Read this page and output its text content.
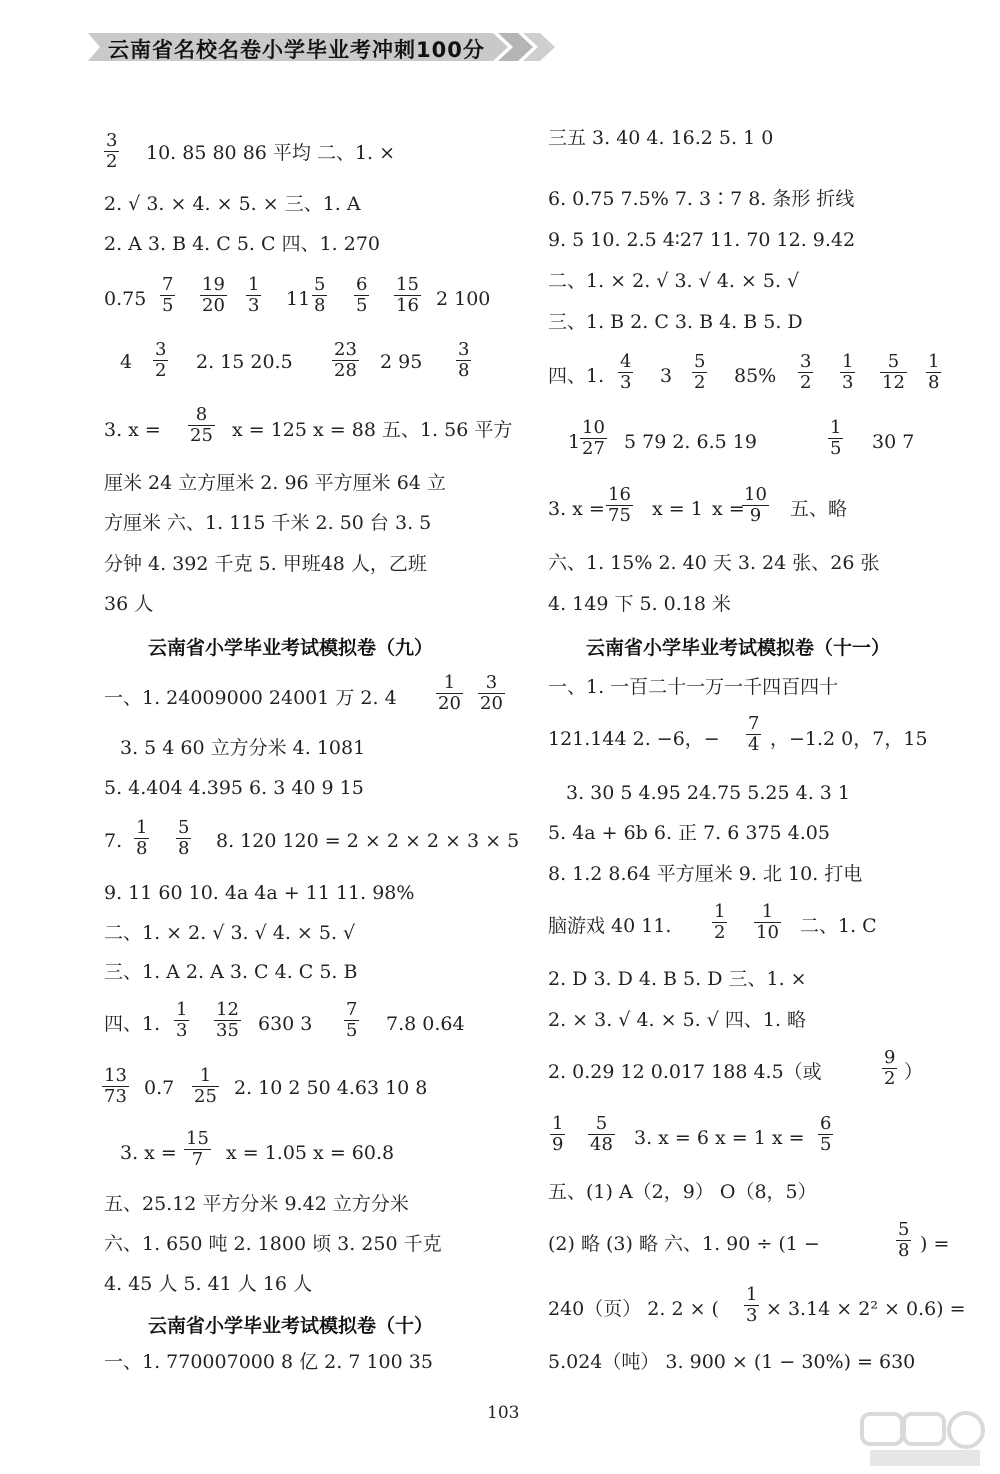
云南省名校名卷小学毕业考冲刺100分
3
2 10. 85 80 86 平均 二、1. ×
2. √ 3. × 4. × 5. × 三、1. A
2. A 3. B 4. C 5. C 四、1. 270
0.75
7
5
19
20
1
3 11
5
8
6
5
15
16 2 100
4
3
2 2. 15 20.5
23
28 2 95
3
8
3. x =
8
25 x = 125 x = 88 五、1. 56 平方
厘米 24 立方厘米 2. 96 平方厘米 64 立
方厘米 六、1. 115 千米 2. 50 台 3. 5
分钟 4. 392 千克 5. 甲班48 人，乙班
36 人
云南省小学毕业考试模拟卷（九）
一、1. 24009000 24001 万 2. 4
1
20
3
20
3. 5 4 60 立方分米 4. 1081
5. 4.404 4.395 6. 3 40 9 15
7.
1
8
5
8 8. 120 120 = 2 × 2 × 2 × 3 × 5
9. 11 60 10. 4a 4a + 11 11. 98%
二、1. × 2. √ 3. √ 4. × 5. √
三、1. A 2. A 3. C 4. C 5. B
四、1.
1
3
12
35 630 3
7
5 7.8 0.64
13
73 0.7
1
25 2. 10 2 50 4.63 10 8
3. x =
15
7 x = 1.05 x = 60.8
五、25.12 平方分米 9.42 立方分米
六、1. 650 吨 2. 1800 顷 3. 250 千克
4. 45 人 5. 41 人 16 人
云南省小学毕业考试模拟卷（十）
一、1. 770007000 8 亿 2. 7 100 35
三五 3. 40 4. 16.2 5. 1 0
6. 0.75 7.5% 7. 3∶7 8. 条形 折线
9. 5 10. 2.5 4∶27 11. 70 12. 9.42
二、1. × 2. √ 3. √ 4. × 5. √
三、1. B 2. C 3. B 4. B 5. D
四、1.
4
3 3
5
2 85%
3
2
1
3
5
12
1
8
1
10
27 5 79 2. 6.5 19
1
5 30 7
3. x =
16
75 x = 1 x =
10
9 五、略
六、1. 15% 2. 40 天 3. 24 张、26 张
4. 149 下 5. 0.18 米
云南省小学毕业考试模拟卷（十一）
一、1. 一百二十一万一千四百四十
121.144 2. −6，−
7
4 ，−1.2 0，7，15
3. 30 5 4.95 24.75 5.25 4. 3 1
5. 4a + 6b 6. 正 7. 6 375 4.05
8. 1.2 8.64 平方厘米 9. 北 10. 打电
脑游戏 40 11.
1
2
1
10 二、1. C
2. D 3. D 4. B 5. D 三、1. ×
2. × 3. √ 4. × 5. √ 四、1. 略
2. 0.29 12 0.017 188 4.5（或
9
2 ）
1
9
5
48 3. x = 6 x = 1 x =
6
5
五、(1) A（2，9） O（8，5）
(2) 略 (3) 略 六、1. 90 ÷ (1 −
5
8 ) =
240（页） 2. 2 × (
1
3 × 3.14 × 2² × 0.6) =
5.024（吨） 3. 900 × (1 − 30%) = 630
103
